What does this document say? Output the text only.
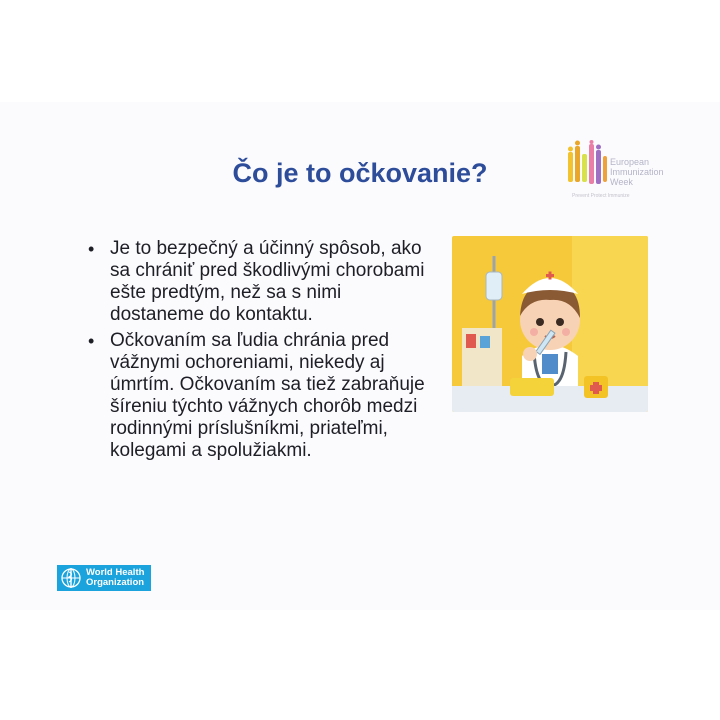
Čo je to očkovanie?	European
Immunization
Week
Prevent Protect Immunize
• Je to bezpečný a účinný spôsob, ako sa chrániť pred škodlivými chorobami ešte predtým, než sa s nimi dostaneme do kontaktu.
• Očkovaním sa ľudia chránia pred vážnymi ochoreniami, niekedy aj úmrtím. Očkovaním sa tiež zabraňuje šíreniu týchto vážnych chorôb medzi rodinnými príslušníkmi, priateľmi, kolegami a spolužiakmi.
World Health
Organization
